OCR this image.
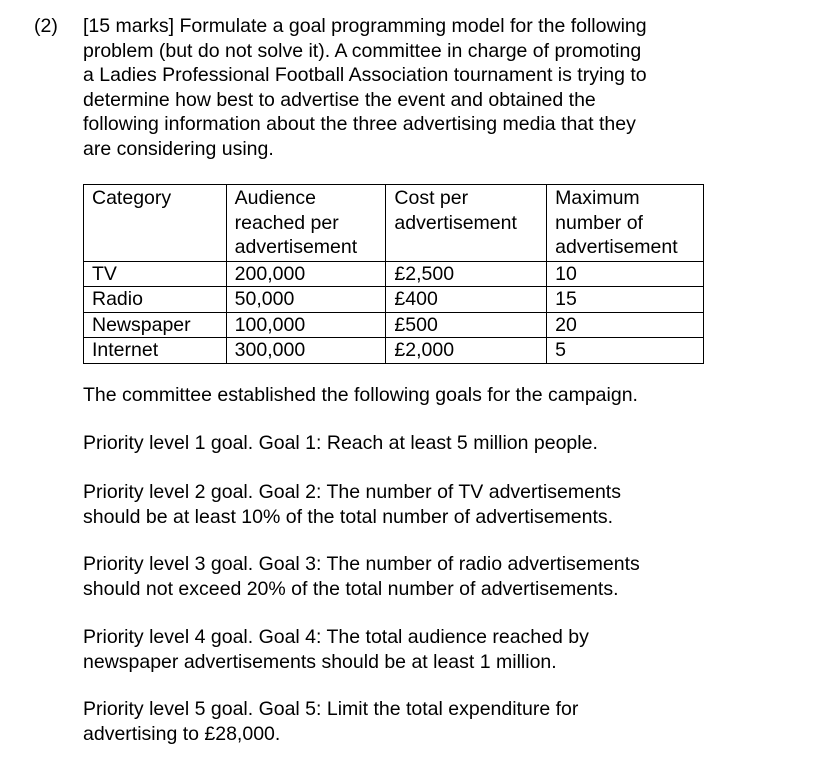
(2) [15 marks] Formulate a goal programming model for the following
problem (but do not solve it). A committee in charge of promoting
a Ladies Professional Football Association tournament is trying to
determine how best to advertise the event and obtained the
following information about the three advertising media that they
are considering using.
Category	Audience
reached per
advertisement	Cost per
advertisement	Maximum
number of
advertisement

TV	200,000	£2,500	10
Radio	50,000	£400	15
Newspaper	100,000	£500	20
Internet	300,000	£2,000	5
The committee established the following goals for the campaign.
Priority level 1 goal. Goal 1: Reach at least 5 million people.
Priority level 2 goal. Goal 2: The number of TV advertisements
should be at least 10% of the total number of advertisements.
Priority level 3 goal. Goal 3: The number of radio advertisements
should not exceed 20% of the total number of advertisements.
Priority level 4 goal. Goal 4: The total audience reached by
newspaper advertisements should be at least 1 million.
Priority level 5 goal. Goal 5: Limit the total expenditure for
advertising to £28,000.
